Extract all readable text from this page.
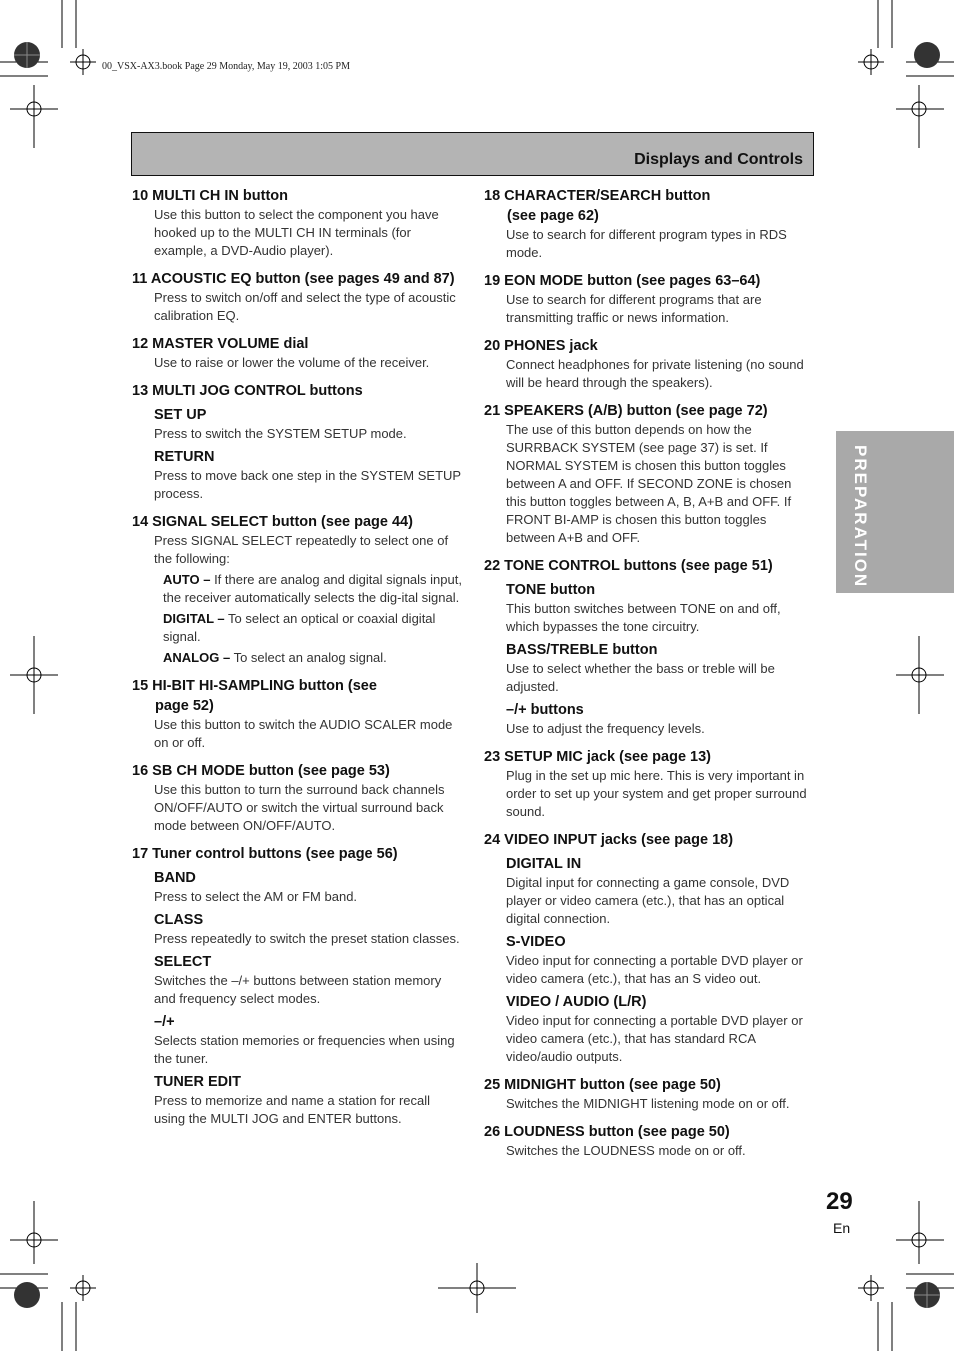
00_VSX-AX3.book Page 29 Monday, May 19, 2003 1:05 PM
Displays and Controls
10 MULTI CH IN button
Use this button to select the component you have hooked up to the MULTI CH IN terminals (for example, a DVD-Audio player).
11 ACOUSTIC EQ button (see pages 49 and 87)
Press to switch on/off and select the type of acoustic calibration EQ.
12 MASTER VOLUME dial
Use to raise or lower the volume of the receiver.
13 MULTI JOG CONTROL buttons
SET UP
Press to switch the SYSTEM SETUP mode.
RETURN
Press to move back one step in the SYSTEM SETUP process.
14 SIGNAL SELECT button (see page 44)
Press SIGNAL SELECT repeatedly to select one of the following:
AUTO – If there are analog and digital signals input, the receiver automatically selects the dig-ital signal.
DIGITAL – To select an optical or coaxial digital signal.
ANALOG – To select an analog signal.
15 HI-BIT HI-SAMPLING button (see
page 52)
Use this button to switch the AUDIO SCALER mode on or off.
16 SB CH MODE button (see page 53)
Use this button to turn the surround back channels ON/OFF/AUTO or switch the virtual surround back mode between ON/OFF/AUTO.
17 Tuner control buttons (see page 56)
BAND
Press to select the AM or FM band.
CLASS
Press repeatedly to switch the preset station classes.
SELECT
Switches the –/+ buttons between station memory and frequency select modes.
–/+
Selects station memories or frequencies when using the tuner.
TUNER EDIT
Press to memorize and name a station for recall using the MULTI JOG and ENTER buttons.
18 CHARACTER/SEARCH button
(see page 62)
Use to search for different program types in RDS mode.
19 EON MODE button (see pages 63–64)
Use to search for different programs that are transmitting traffic or news information.
20 PHONES jack
Connect headphones for private listening (no sound will be heard through the speakers).
21 SPEAKERS (A/B) button (see page 72)
The use of this button depends on how the SURRBACK SYSTEM (see page 37) is set. If NORMAL SYSTEM is chosen this button toggles between A and OFF. If SECOND ZONE is chosen this button toggles between A, B, A+B and OFF. If FRONT BI-AMP is chosen this button toggles between A+B and OFF.
22 TONE CONTROL buttons (see page 51)
TONE button
This button switches between TONE on and off, which bypasses the tone circuitry.
BASS/TREBLE button
Use to select whether the bass or treble will be adjusted.
–/+ buttons
Use to adjust the frequency levels.
23 SETUP MIC jack (see page 13)
Plug in the set up mic here. This is very important in order to set up your system and get proper surround sound.
24 VIDEO INPUT jacks (see page 18)
DIGITAL IN
Digital input for connecting a game console, DVD player or video camera (etc.), that has an optical digital connection.
S-VIDEO
Video input for connecting a portable DVD player or video camera (etc.), that has an S video out.
VIDEO / AUDIO (L/R)
Video input for connecting a portable DVD player or video camera (etc.), that has standard RCA video/audio outputs.
25 MIDNIGHT button (see page 50)
Switches the MIDNIGHT listening mode on or off.
26 LOUDNESS button (see page 50)
Switches the LOUDNESS mode on or off.
PREPARATION
29
En
